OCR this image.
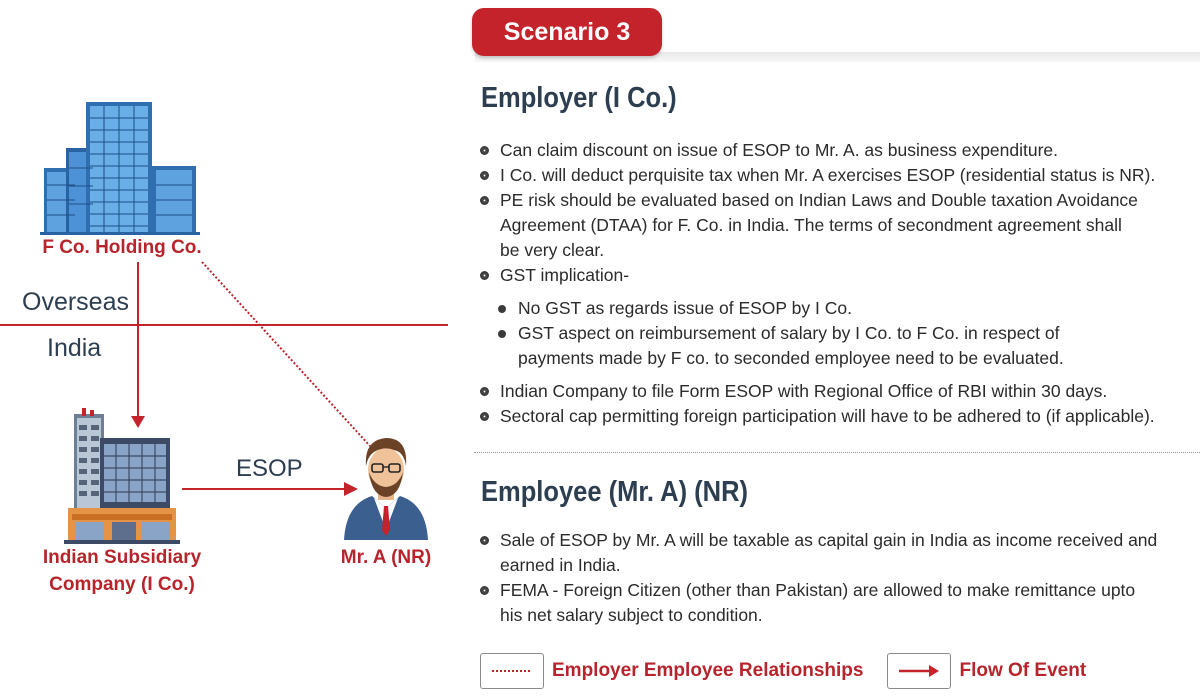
F Co. Holding Co.
Overseas
India
Indian Subsidiary
Company (I Co.)
ESOP
Mr. A (NR)
Scenario 3
Employer (I Co.)
Can claim discount on issue of ESOP to Mr. A. as business expenditure.
I Co. will deduct perquisite tax when Mr. A exercises ESOP (residential status is NR).
PE risk should be evaluated based on Indian Laws and Double taxation Avoidance Agreement (DTAA) for F. Co. in India. The terms of secondment agreement shall be very clear.
GST implication-
No GST as regards issue of ESOP by I Co.
GST aspect on reimbursement of salary by I Co. to F Co. in respect of payments made by F co. to seconded employee need to be evaluated.
Indian Company to file Form ESOP with Regional Office of RBI within 30 days.
Sectoral cap permitting foreign participation will have to be adhered to (if applicable).
Employee (Mr. A) (NR)
Sale of ESOP by Mr. A will be taxable as capital gain in India as income received and earned in India.
FEMA - Foreign Citizen (other than Pakistan) are allowed to make remittance upto his net salary subject to condition.
Employer Employee Relationships	Flow Of Event
